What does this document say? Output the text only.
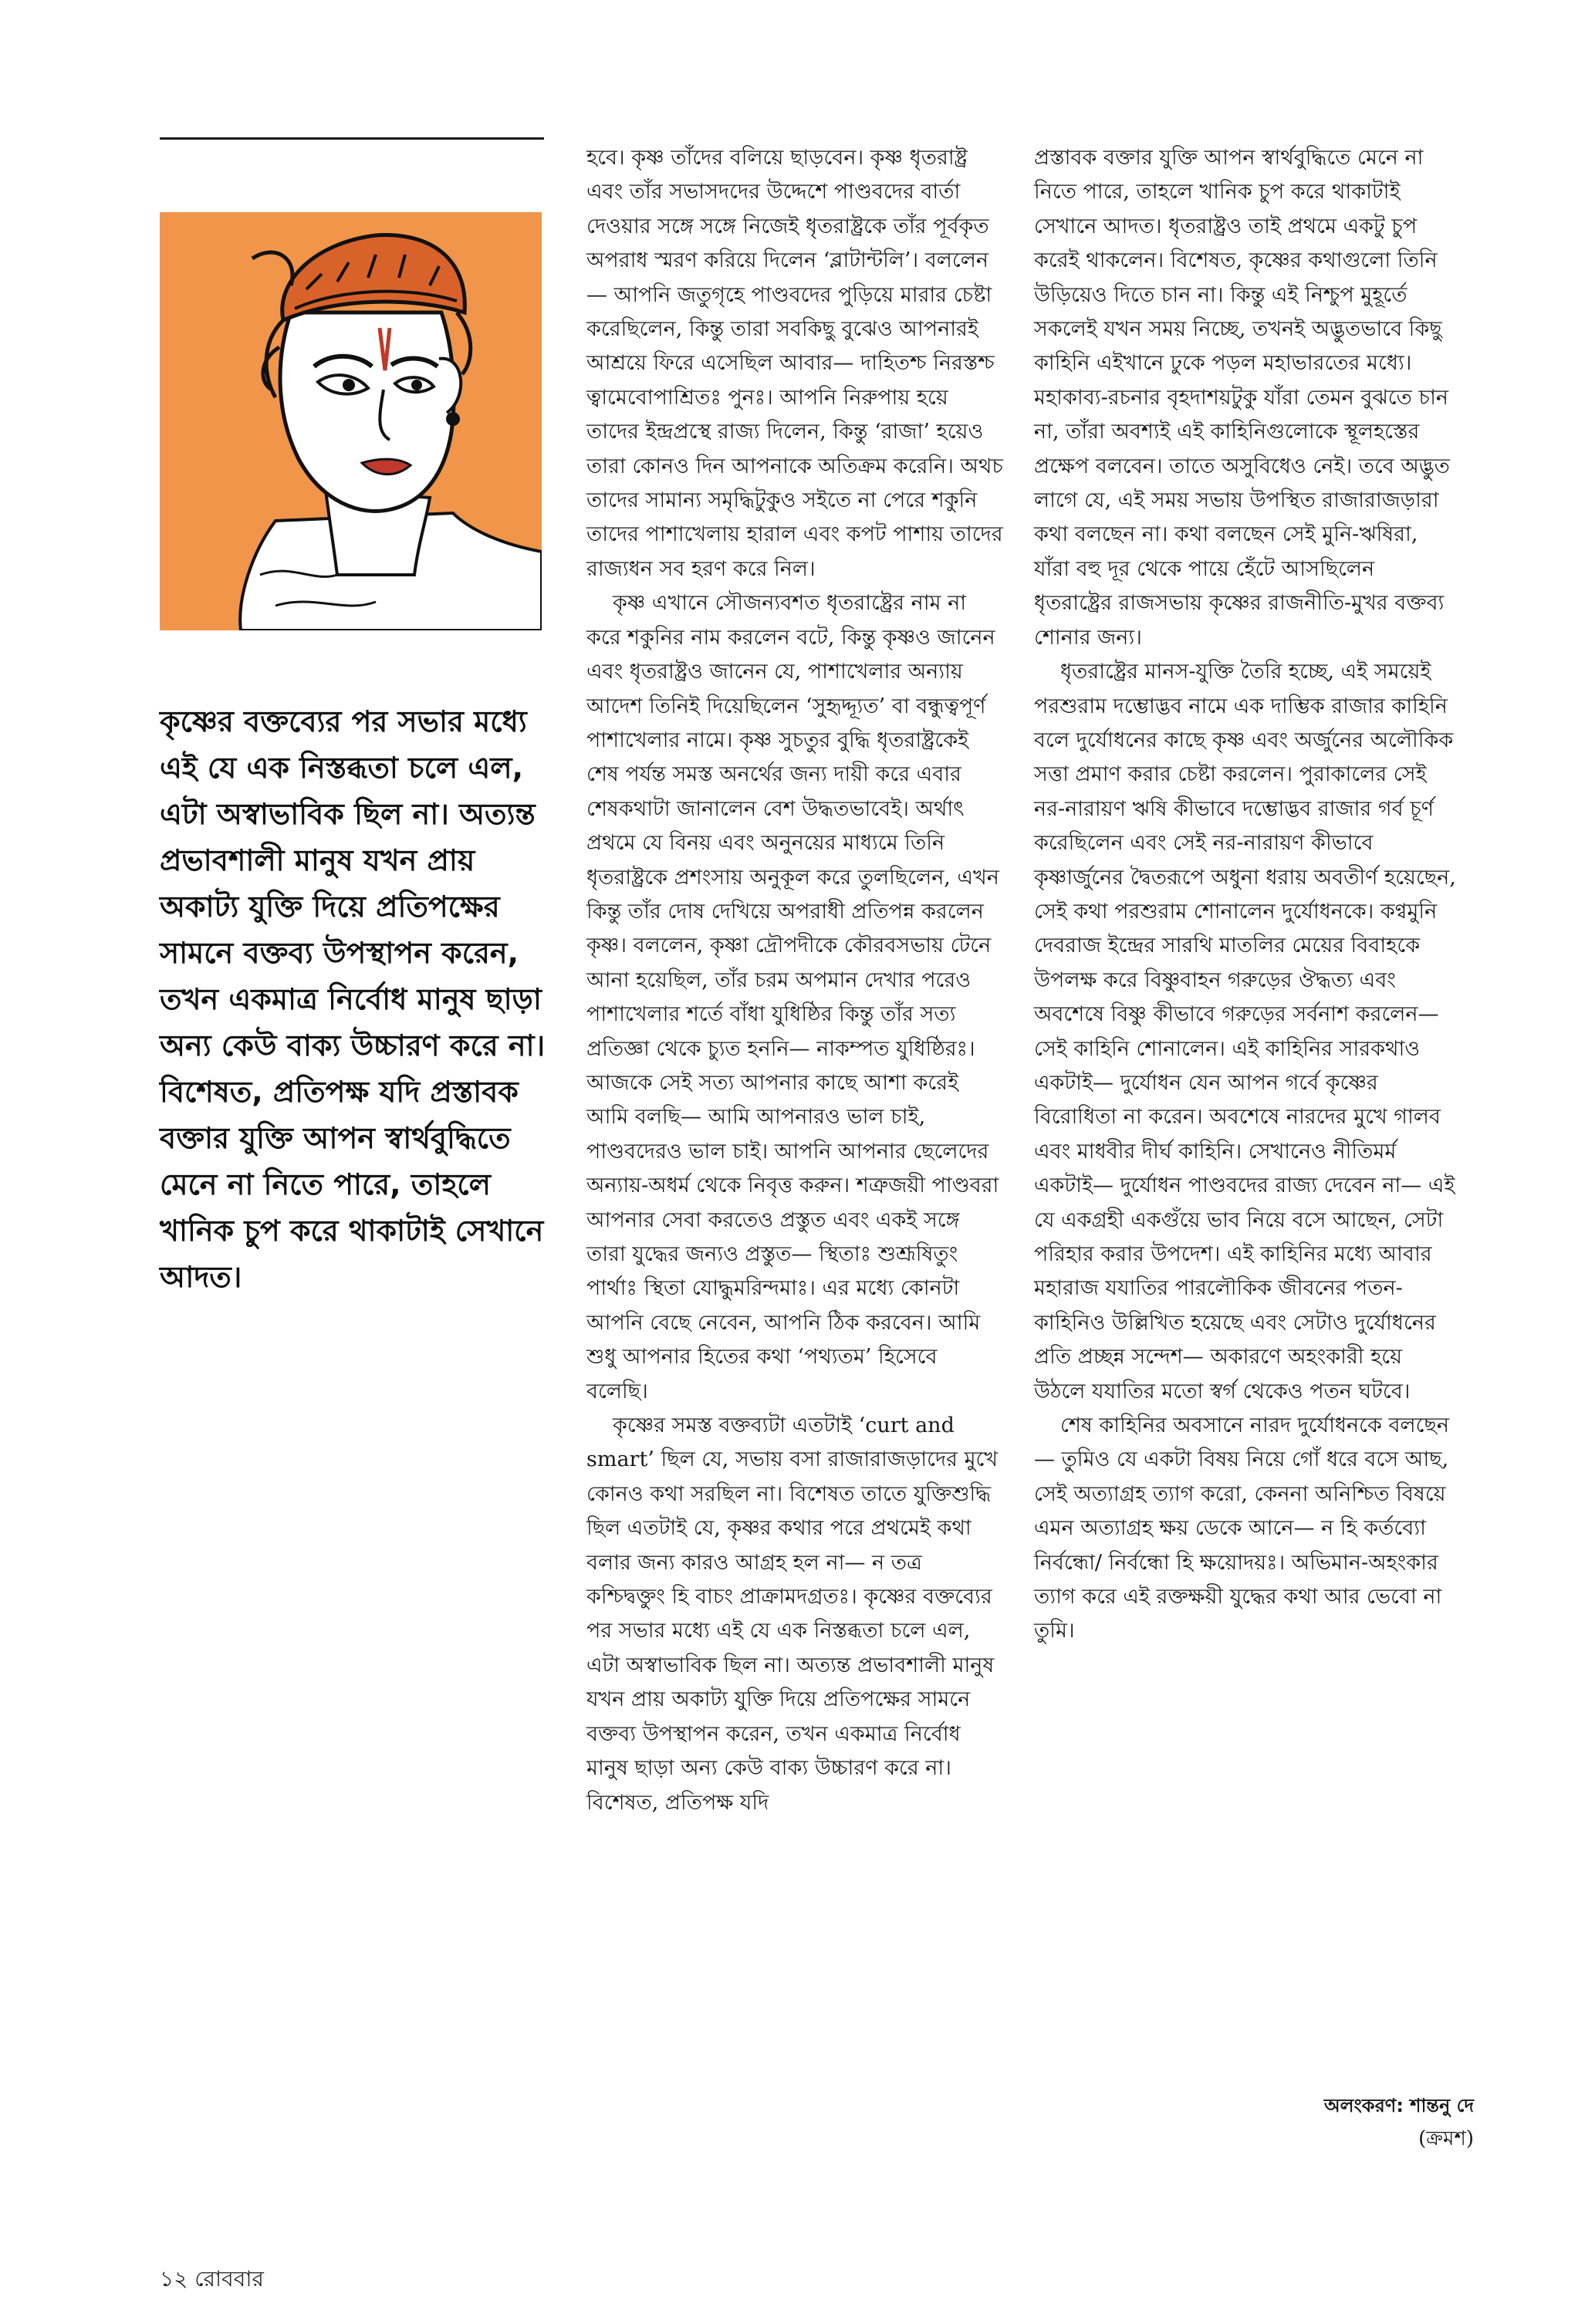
কৃষ্ণের বক্তব্যের পর সভার মধ্যে এই যে এক নিস্তব্ধতা চলে এল, এটা অস্বাভাবিক ছিল না। অত্যন্ত প্রভাবশালী মানুষ যখন প্রায় অকাট্য যুক্তি দিয়ে প্রতিপক্ষের সামনে বক্তব্য উপস্থাপন করেন, তখন একমাত্র নির্বোধ মানুষ ছাড়া অন্য কেউ বাক্য উচ্চারণ করে না। বিশেষত, প্রতিপক্ষ যদি প্রস্তাবক বক্তার যুক্তি আপন স্বার্থবুদ্ধিতে মেনে না নিতে পারে, তাহলে খানিক চুপ করে থাকাটাই সেখানে আদত।

হবে। কৃষ্ণ তাঁদের বলিয়ে ছাড়বেন। কৃষ্ণ ধৃতরাষ্ট্র এবং তাঁর সভাসদদের উদ্দেশে পাণ্ডবদের বার্তা দেওয়ার সঙ্গে সঙ্গে নিজেই ধৃতরাষ্ট্রকে তাঁর পূর্বকৃত অপরাধ স্মরণ করিয়ে দিলেন ‘ব্লাটান্টলি’। বললেন— আপনি জতুগৃহে পাণ্ডবদের পুড়িয়ে মারার চেষ্টা করেছিলেন, কিন্তু তারা সবকিছু বুঝেও আপনারই আশ্রয়ে ফিরে এসেছিল আবার— দাহিতশ্চ নিরস্তশ্চ ত্বামেবোপাশ্রিতঃ পুনঃ। আপনি নিরুপায় হয়ে তাদের ইন্দ্রপ্রস্থে রাজ্য দিলেন, কিন্তু ‘রাজা’ হয়েও তারা কোনও দিন আপনাকে অতিক্রম করেনি। অথচ তাদের সামান্য সমৃদ্ধিটুকুও সইতে না পেরে শকুনি তাদের পাশাখেলায় হারাল এবং কপট পাশায় তাদের রাজ্যধন সব হরণ করে নিল।

কৃষ্ণ এখানে সৌজন্যবশত ধৃতরাষ্ট্রের নাম না করে শকুনির নাম করলেন বটে, কিন্তু কৃষ্ণও জানেন এবং ধৃতরাষ্ট্রও জানেন যে, পাশাখেলার অন্যায় আদেশ তিনিই দিয়েছিলেন ‘সুহৃদ্দ্যূত’ বা বন্ধুত্বপূর্ণ পাশাখেলার নামে। কৃষ্ণ সুচতুর বুদ্ধি ধৃতরাষ্ট্রকেই শেষ পর্যন্ত সমস্ত অনর্থের জন্য দায়ী করে এবার শেষকথাটা জানালেন বেশ উদ্ধতভাবেই। অর্থাৎ প্রথমে যে বিনয় এবং অনুনয়ের মাধ্যমে তিনি ধৃতরাষ্ট্রকে প্রশংসায় অনুকূল করে তুলছিলেন, এখন কিন্তু তাঁর দোষ দেখিয়ে অপরাধী প্রতিপন্ন করলেন কৃষ্ণ। বললেন, কৃষ্ণা দ্রৌপদীকে কৌরবসভায় টেনে আনা হয়েছিল, তাঁর চরম অপমান দেখার পরেও পাশাখেলার শর্তে বাঁধা যুধিষ্ঠির কিন্তু তাঁর সত্য প্রতিজ্ঞা থেকে চ্যুত হননি— নাকম্পত যুধিষ্ঠিরঃ। আজকে সেই সত্য আপনার কাছে আশা করেই আমি বলছি— আমি আপনারও ভাল চাই, পাণ্ডবদেরও ভাল চাই। আপনি আপনার ছেলেদের অন্যায়-অধর্ম থেকে নিবৃত্ত করুন। শত্রুজয়ী পাণ্ডবরা আপনার সেবা করতেও প্রস্তুত এবং একই সঙ্গে তারা যুদ্ধের জন্যও প্রস্তুত— স্থিতাঃ শুশ্রূষিতুং পার্থাঃ স্থিতা যোদ্ধুমরিন্দমাঃ। এর মধ্যে কোনটা আপনি বেছে নেবেন, আপনি ঠিক করবেন। আমি শুধু আপনার হিতের কথা ‘পথ্যতম’ হিসেবে বলেছি।

কৃষ্ণের সমস্ত বক্তব্যটা এতটাই ‘curt and smart’ ছিল যে, সভায় বসা রাজারাজড়াদের মুখে কোনও কথা সরছিল না। বিশেষত তাতে যুক্তিশুদ্ধি ছিল এতটাই যে, কৃষ্ণর কথার পরে প্রথমেই কথা বলার জন্য কারও আগ্রহ হল না— ন তত্র কশ্চিদ্বক্তুং হি বাচং প্রাক্রামদগ্রতঃ। কৃষ্ণের বক্তব্যের পর সভার মধ্যে এই যে এক নিস্তব্ধতা চলে এল, এটা অস্বাভাবিক ছিল না। অত্যন্ত প্রভাবশালী মানুষ যখন প্রায় অকাট্য যুক্তি দিয়ে প্রতিপক্ষের সামনে বক্তব্য উপস্থাপন করেন, তখন একমাত্র নির্বোধ মানুষ ছাড়া অন্য কেউ বাক্য উচ্চারণ করে না। বিশেষত, প্রতিপক্ষ যদি

প্রস্তাবক বক্তার যুক্তি আপন স্বার্থবুদ্ধিতে মেনে না নিতে পারে, তাহলে খানিক চুপ করে থাকাটাই সেখানে আদত। ধৃতরাষ্ট্রও তাই প্রথমে একটু চুপ করেই থাকলেন। বিশেষত, কৃষ্ণের কথাগুলো তিনি উড়িয়েও দিতে চান না। কিন্তু এই নিশ্চুপ মুহূর্তে সকলেই যখন সময় নিচ্ছে, তখনই অদ্ভুতভাবে কিছু কাহিনি এইখানে ঢুকে পড়ল মহাভারতের মধ্যে। মহাকাব্য-রচনার বৃহদাশয়টুকু যাঁরা তেমন বুঝতে চান না, তাঁরা অবশ্যই এই কাহিনিগুলোকে স্থূলহস্তের প্রক্ষেপ বলবেন। তাতে অসুবিধেও নেই। তবে অদ্ভুত লাগে যে, এই সময় সভায় উপস্থিত রাজারাজড়ারা কথা বলছেন না। কথা বলছেন সেই মুনি-ঋষিরা, যাঁরা বহু দূর থেকে পায়ে হেঁটে আসছিলেন ধৃতরাষ্ট্রের রাজসভায় কৃষ্ণের রাজনীতি-মুখর বক্তব্য শোনার জন্য।

ধৃতরাষ্ট্রের মানস-যুক্তি তৈরি হচ্ছে, এই সময়েই পরশুরাম দম্ভোদ্ভব নামে এক দাম্ভিক রাজার কাহিনি বলে দুর্যোধনের কাছে কৃষ্ণ এবং অর্জুনের অলৌকিক সত্তা প্রমাণ করার চেষ্টা করলেন। পুরাকালের সেই নর-নারায়ণ ঋষি কীভাবে দম্ভোদ্ভব রাজার গর্ব চূর্ণ করেছিলেন এবং সেই নর-নারায়ণ কীভাবে কৃষ্ণার্জুনের দ্বৈতরূপে অধুনা ধরায় অবতীর্ণ হয়েছেন, সেই কথা পরশুরাম শোনালেন দুর্যোধনকে। কণ্বমুনি দেবরাজ ইন্দ্রের সারথি মাতলির মেয়ের বিবাহকে উপলক্ষ করে বিষ্ণুবাহন গরুড়ের ঔদ্ধত্য এবং অবশেষে বিষ্ণু কীভাবে গরুড়ের সর্বনাশ করলেন— সেই কাহিনি শোনালেন। এই কাহিনির সারকথাও একটাই— দুর্যোধন যেন আপন গর্বে কৃষ্ণের বিরোধিতা না করেন। অবশেষে নারদের মুখে গালব এবং মাধবীর দীর্ঘ কাহিনি। সেখানেও নীতিমর্ম একটাই— দুর্যোধন পাণ্ডবদের রাজ্য দেবেন না— এই যে একগ্রহী একগুঁয়ে ভাব নিয়ে বসে আছেন, সেটা পরিহার করার উপদেশ। এই কাহিনির মধ্যে আবার মহারাজ যযাতির পারলৌকিক জীবনের পতন-কাহিনিও উল্লিখিত হয়েছে এবং সেটাও দুর্যোধনের প্রতি প্রচ্ছন্ন সন্দেশ— অকারণে অহংকারী হয়ে উঠলে যযাতির মতো স্বর্গ থেকেও পতন ঘটবে।

শেষ কাহিনির অবসানে নারদ দুর্যোধনকে বলছেন— তুমিও যে একটা বিষয় নিয়ে গোঁ ধরে বসে আছ, সেই অত্যাগ্রহ ত্যাগ করো, কেননা অনিশ্চিত বিষয়ে এমন অত্যাগ্রহ ক্ষয় ডেকে আনে— ন হি কর্তব্যো নির্বন্ধো/ নির্বন্ধো হি ক্ষয়োদয়ঃ। অভিমান-অহংকার ত্যাগ করে এই রক্তক্ষয়ী যুদ্ধের কথা আর ভেবো না তুমি।

অলংকরণ: শান্তনু দে
(ক্রমশ)
১২ রোববার
